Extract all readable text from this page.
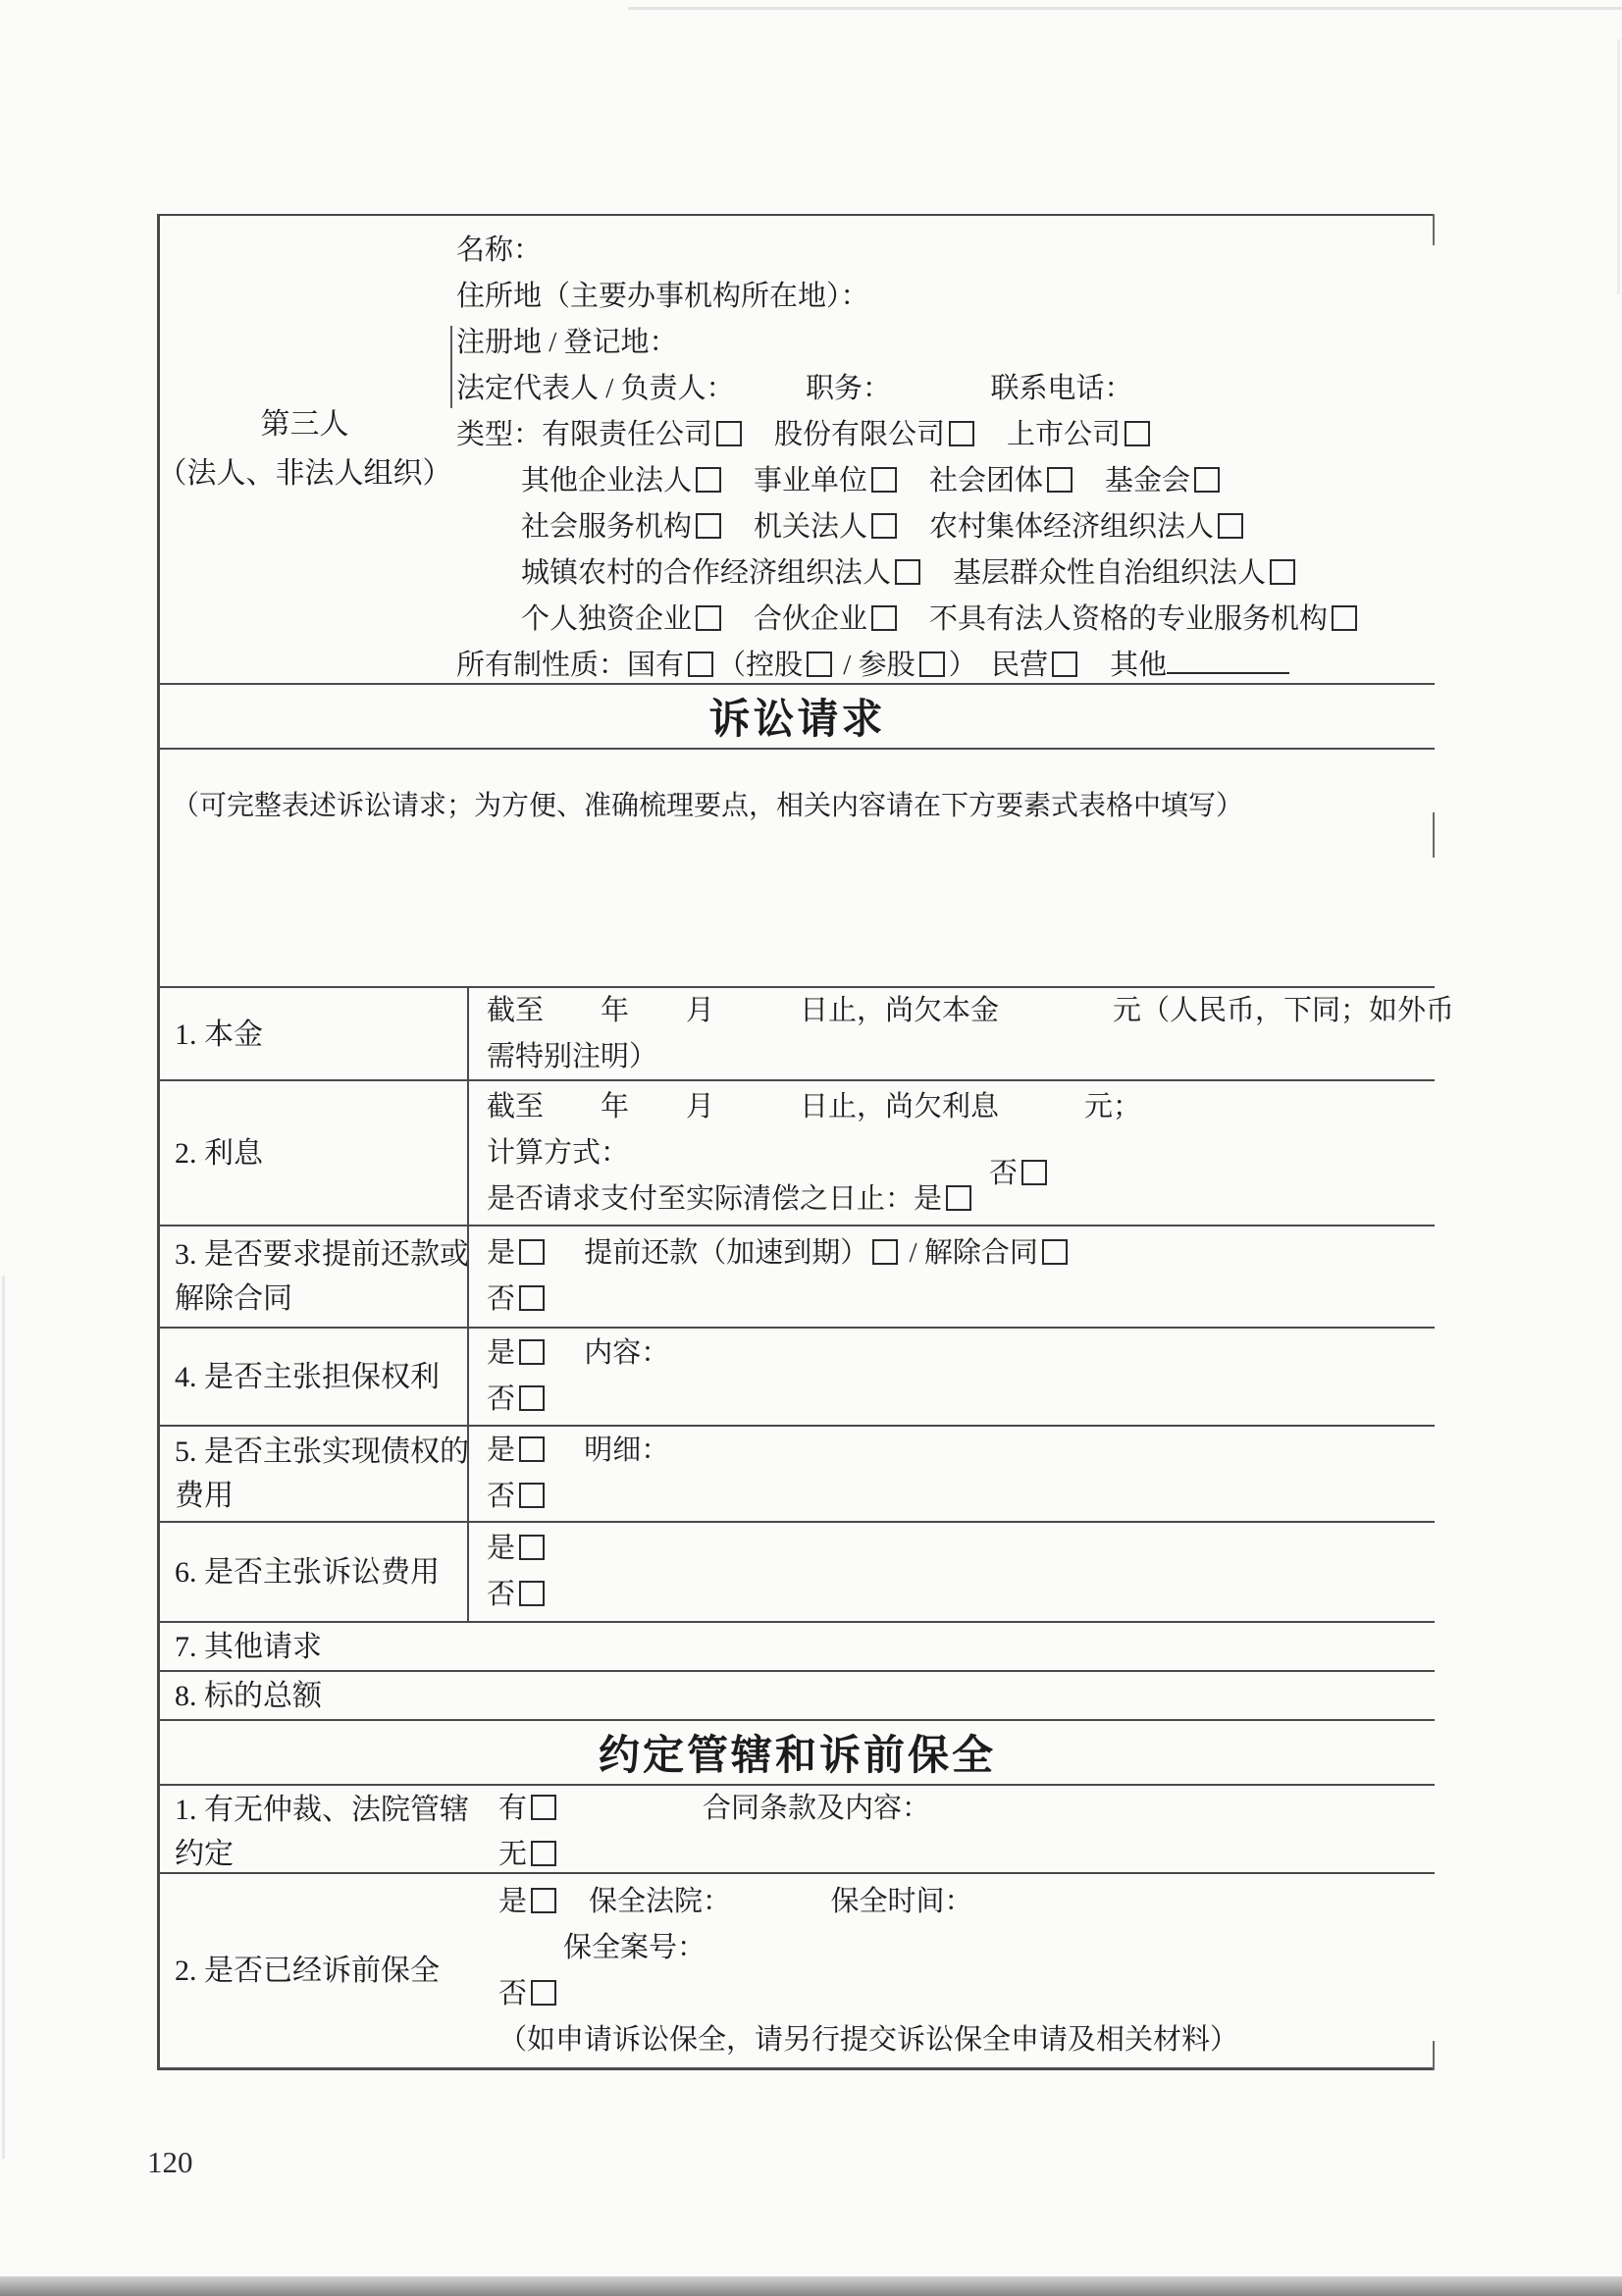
第三人
（法人、非法人组织）
名称：
住所地（主要办事机构所在地）：
注册地 / 登记地：
法定代表人 / 负责人：　　　职务：　　　　联系电话：
类型：有限责任公司　股份有限公司　上市公司
其他企业法人　事业单位　社会团体　基金会
社会服务机构　机关法人　农村集体经济组织法人
城镇农村的合作经济组织法人　基层群众性自治组织法人
个人独资企业　合伙企业　不具有法人资格的专业服务机构
所有制性质：国有 （控股 / 参股 ）　民营　其他
诉讼请求
（可完整表述诉讼请求；为方便、准确梳理要点，相关内容请在下方要素式表格中填写）
1. 本金
截至　　年　　月　　　日止，尚欠本金　　　　元（人民币，下同；如外币
需特别注明）
2. 利息
截至　　年　　月　　　日止，尚欠利息　　　元；
计算方式：
是否请求支付至实际清偿之日止：是否
3. 是否要求提前还款或
解除合同
是　 提前还款（加速到期） / 解除合同
否
4. 是否主张担保权利
是　 内容：
否
5. 是否主张实现债权的
费用
是　 明细：
否
6. 是否主张诉讼费用
是
否
7. 其他请求
8. 标的总额
约定管辖和诉前保全
1. 有无仲裁、法院管辖
约定
有　　　　　合同条款及内容：
无
2. 是否已经诉前保全
是　保全法院：　　　　保全时间：
保全案号：
否
（如申请诉讼保全，请另行提交诉讼保全申请及相关材料）
120
